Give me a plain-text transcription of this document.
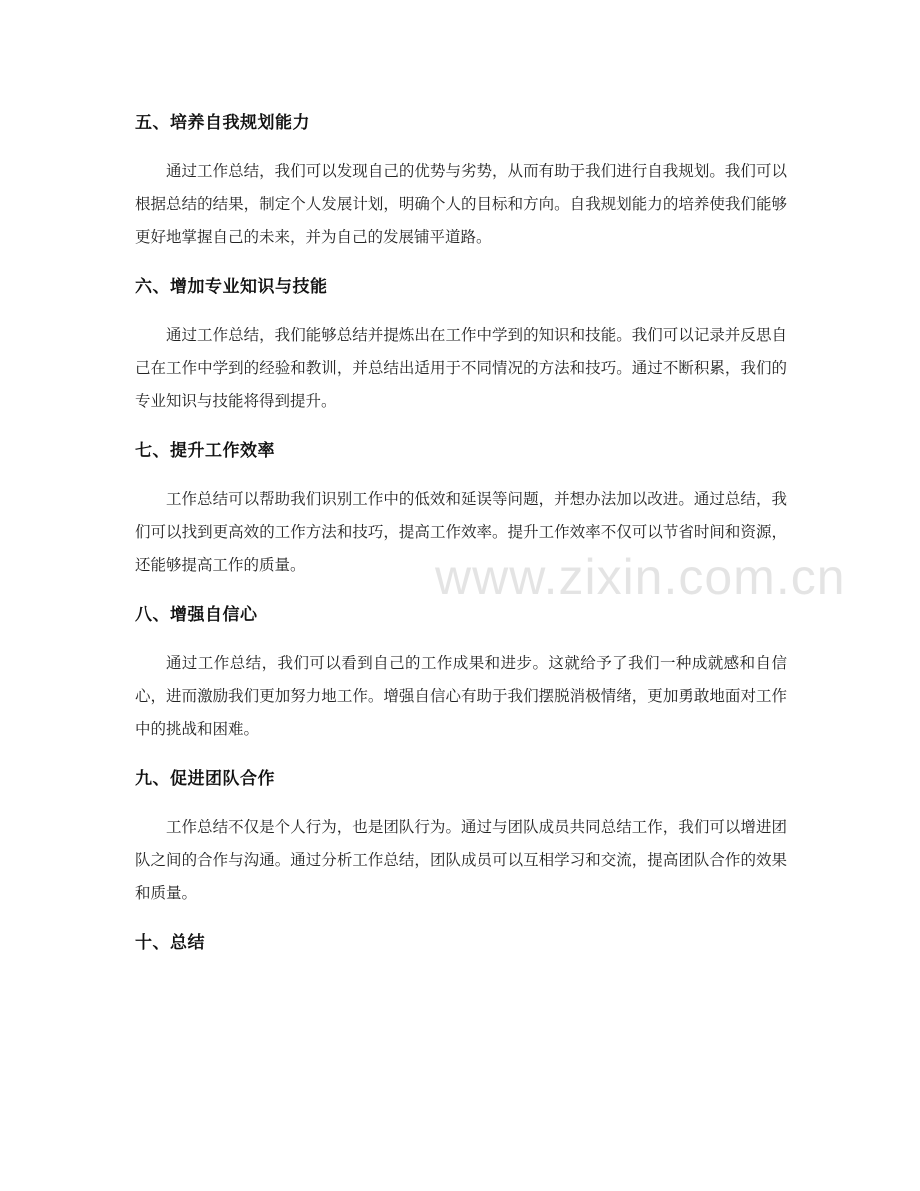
五、培养自我规划能力

通过工作总结，我们可以发现自己的优势与劣势，从而有助于我们进行自我规划。我们可以根据总结的结果，制定个人发展计划，明确个人的目标和方向。自我规划能力的培养使我们能够更好地掌握自己的未来，并为自己的发展铺平道路。

六、增加专业知识与技能

通过工作总结，我们能够总结并提炼出在工作中学到的知识和技能。我们可以记录并反思自己在工作中学到的经验和教训，并总结出适用于不同情况的方法和技巧。通过不断积累，我们的专业知识与技能将得到提升。

七、提升工作效率

工作总结可以帮助我们识别工作中的低效和延误等问题，并想办法加以改进。通过总结，我们可以找到更高效的工作方法和技巧，提高工作效率。提升工作效率不仅可以节省时间和资源，还能够提高工作的质量。

八、增强自信心

通过工作总结，我们可以看到自己的工作成果和进步。这就给予了我们一种成就感和自信心，进而激励我们更加努力地工作。增强自信心有助于我们摆脱消极情绪，更加勇敢地面对工作中的挑战和困难。

九、促进团队合作

工作总结不仅是个人行为，也是团队行为。通过与团队成员共同总结工作，我们可以增进团队之间的合作与沟通。通过分析工作总结，团队成员可以互相学习和交流，提高团队合作的效果和质量。

十、总结
www.zixin.com.cn
